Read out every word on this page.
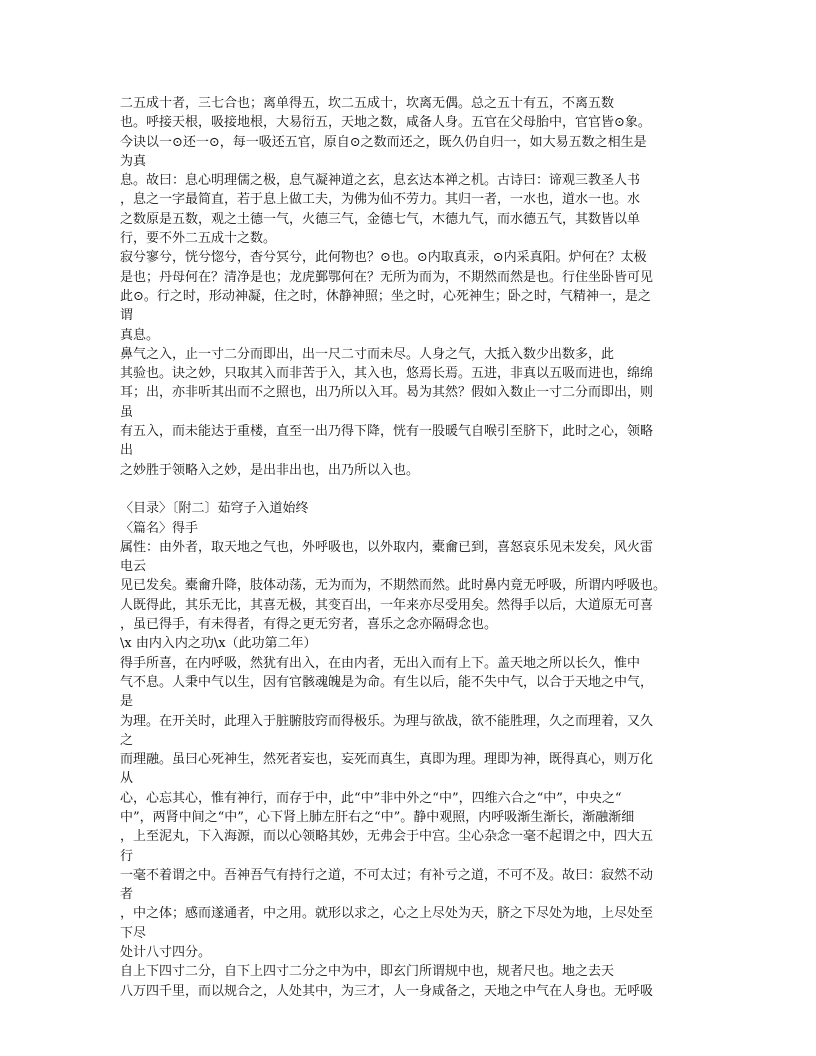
二五成十者，三七合也；离单得五，坎二五成十，坎离无偶。总之五十有五，不离五数
也。呼接天根，吸接地根，大易衍五，天地之数，咸备人身。五官在父母胎中，官官皆⊙象。
今诀以一⊙还一⊙，每一吸还五官，原自⊙之数而还之，既久仍自归一，如大易五数之相生是
为真
息。故曰：息心明理儒之极，息气凝神道之玄，息玄达本禅之机。古诗曰：谛观三教圣人书
，息之一字最简直，若于息上做工夫，为佛为仙不劳力。其归一者，一水也，道水一也。水
之数原是五数，观之土德一气，火德三气，金德七气，木德九气，而水德五气，其数皆以单
行，要不外二五成十之数。
寂兮寥兮，恍兮惚兮，杳兮冥兮，此何物也？⊙也。⊙内取真汞，⊙内采真阳。炉何在？太极
是也；丹母何在？清净是也；龙虎鄞鄂何在？无所为而为，不期然而然是也。行住坐卧皆可见
此⊙。行之时，形动神凝，住之时，休静神照；坐之时，心死神生；卧之时，气精神一，是之
谓
真息。
鼻气之入，止一寸二分而即出，出一尺二寸而未尽。人身之气，大抵入数少出数多，此
其验也。诀之妙，只取其入而非苦于入，其入也，悠焉长焉。五进，非真以五吸而进也，绵绵
耳；出，亦非听其出而不之照也，出乃所以入耳。曷为其然？假如入数止一寸二分而即出，则
虽
有五入，而未能达于重楼，直至一出乃得下降，恍有一股暖气自喉引至脐下，此时之心，领略
出
之妙胜于领略入之妙，是出非出也，出乃所以入也。
〈目录〉〔附二〕茹穹子入道始终
〈篇名〉得手
属性：由外者，取天地之气也，外呼吸也，以外取内，橐龠已到，喜怒哀乐见未发矣，风火雷
电云
见已发矣。橐龠升降，肢体动荡，无为而为，不期然而然。此时鼻内竟无呼吸，所谓内呼吸也。
人既得此，其乐无比，其喜无极，其变百出，一年来亦尽受用矣。然得手以后，大道原无可喜
，虽已得手，有未得者，有得之更无穷者，喜乐之念亦隔碍念也。
\x 由内入内之功\x（此功第二年）
得手所喜，在内呼吸，然犹有出入，在由内者，无出入而有上下。盖天地之所以长久，惟中
气不息。人秉中气以生，因有官骸魂魄是为命。有生以后，能不失中气，以合于天地之中气，
是
为理。在开关时，此理入于脏腑肢窍而得极乐。为理与欲战，欲不能胜理，久之而理着，又久
之
而理融。虽曰心死神生，然死者妄也，妄死而真生，真即为理。理即为神，既得真心，则万化
从
心，心忘其心，惟有神行，而存于中，此“中”非中外之“中”，四维六合之“中”，中央之“
中”，两肾中间之“中”，心下肾上肺左肝右之“中”。静中观照，内呼吸渐生渐长，渐融渐细
，上至泥丸，下入海源，而以心领略其妙，无弗会于中宫。尘心杂念一毫不起谓之中，四大五
行
一毫不着谓之中。吾神吾气有持行之道，不可太过；有补亏之道，不可不及。故曰：寂然不动
者
，中之体；感而遂通者，中之用。就形以求之，心之上尽处为天，脐之下尽处为地，上尽处至
下尽
处计八寸四分。
自上下四寸二分，自下上四寸二分之中为中，即玄门所谓规中也，规者尺也。地之去天
八万四千里，而以规合之，人处其中，为三才，人一身咸备之，天地之中气在人身也。无呼吸
